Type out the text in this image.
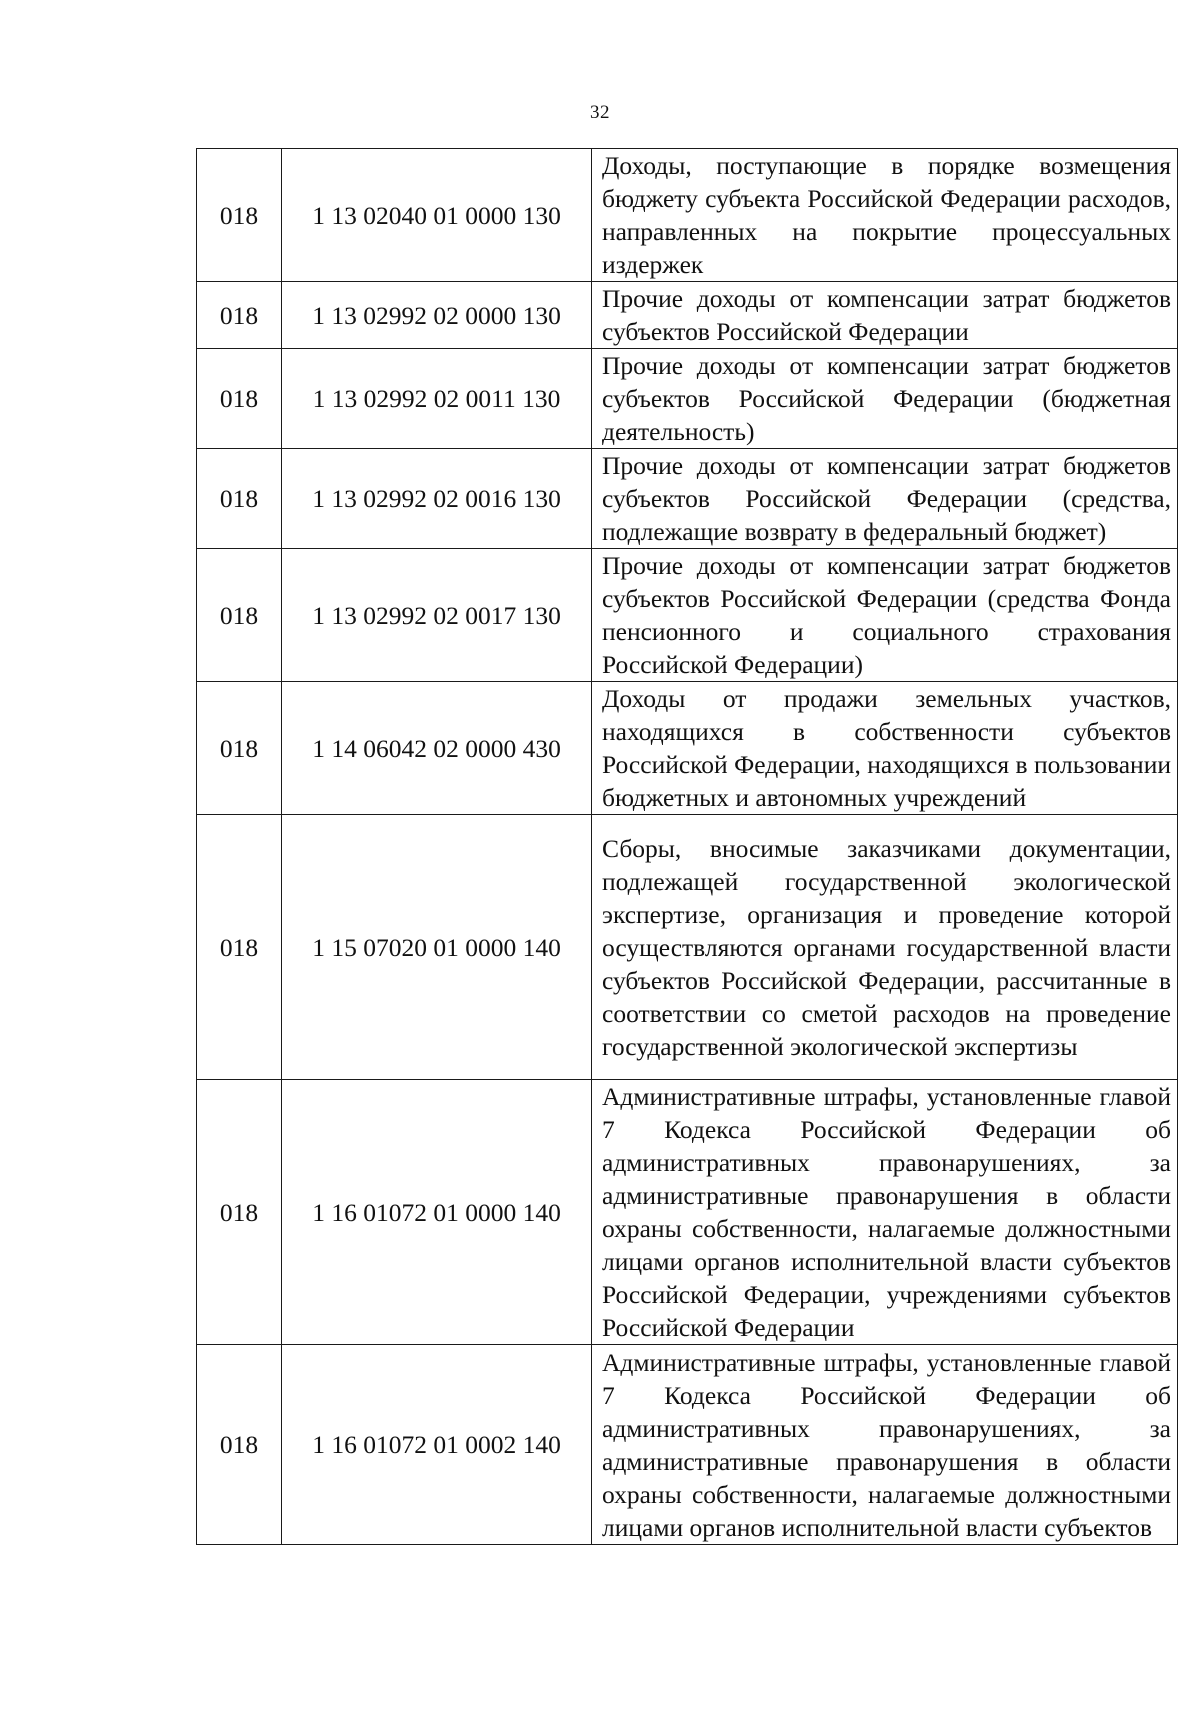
32
018	1 13 02040 01 0000 130	Доходы, поступающие в порядке возмещения бюджету субъекта Российской Федерации расходов, направленных на покрытие процессуальных издержек
018	1 13 02992 02 0000 130	Прочие доходы от компенсации затрат бюджетов субъектов Российской Федерации
018	1 13 02992 02 0011 130	Прочие доходы от компенсации затрат бюджетов субъектов Российской Федерации (бюджетная деятельность)
018	1 13 02992 02 0016 130	Прочие доходы от компенсации затрат бюджетов субъектов Российской Федерации (средства, подлежащие возврату в федеральный бюджет)
018	1 13 02992 02 0017 130	Прочие доходы от компенсации затрат бюджетов субъектов Российской Федерации (средства Фонда пенсионного и социального страхования Российской Федерации)
018	1 14 06042 02 0000 430	Доходы от продажи земельных участков, находящихся в собственности субъектов Российской Федерации, находящихся в пользовании бюджетных и автономных учреждений
018	1 15 07020 01 0000 140	Сборы, вносимые заказчиками документации, подлежащей государственной экологической экспертизе, организация и проведение которой осуществляются органами государственной власти субъектов Российской Федерации, рассчитанные в соответствии со сметой расходов на проведение государственной экологической экспертизы
018	1 16 01072 01 0000 140	Административные штрафы, установленные главой 7 Кодекса Российской Федерации об административных правонарушениях, за административные правонарушения в области охраны собственности, налагаемые должностными лицами органов исполнительной власти субъектов Российской Федерации, учреждениями субъектов Российской Федерации
018	1 16 01072 01 0002 140	Административные штрафы, установленные главой 7 Кодекса Российской Федерации об административных правонарушениях, за административные правонарушения в области охраны собственности, налагаемые должностными лицами органов исполнительной власти субъектов
